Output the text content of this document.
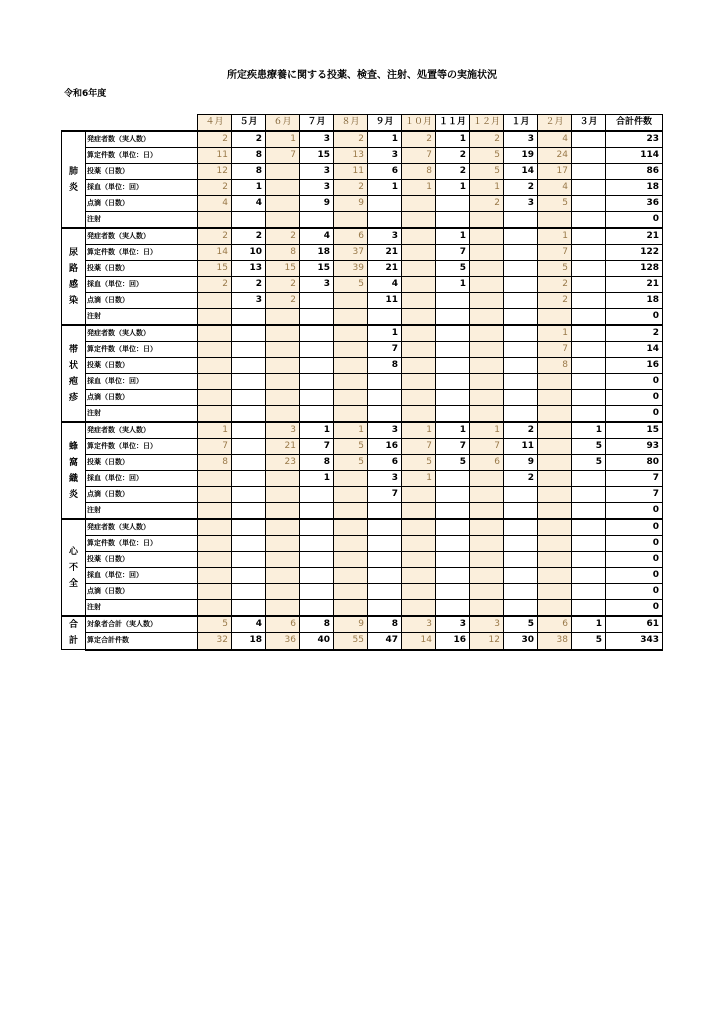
所定疾患療養に関する投薬、検査、注射、処置等の実施状況
令和6年度
		４月	５月	６月	７月	８月	９月	１０月	１１月	１２月	１月	２月	３月	合計件数

肺
炎	発症者数（実人数）	2	2	1	3	2	1	2	1	2	3	4		23
	算定件数（単位：日）	11	8	7	15	13	3	7	2	5	19	24		114
	投薬（日数）	12	8		3	11	6	8	2	5	14	17		86
	採血（単位：回）	2	1		3	2	1	1	1	1	2	4		18
	点滴（日数）	4	4		9	9				2	3	5		36
	注射													0

尿
路
感
染	発症者数（実人数）	2	2	2	4	6	3		1			1		21
	算定件数（単位：日）	14	10	8	18	37	21		7			7		122
	投薬（日数）	15	13	15	15	39	21		5			5		128
	採血（単位：回）	2	2	2	3	5	4		1			2		21
	点滴（日数）		3	2			11					2		18
	注射													0

帯
状
疱
疹	発症者数（実人数）						1					1		2
	算定件数（単位：日）						7					7		14
	投薬（日数）						8					8		16
	採血（単位：回）													0
	点滴（日数）													0
	注射													0

蜂
窩
織
炎	発症者数（実人数）	1		3	1	1	3	1	1	1	2		1	15
	算定件数（単位：日）	7		21	7	5	16	7	7	7	11		5	93
	投薬（日数）	8		23	8	5	6	5	5	6	9		5	80
	採血（単位：回）				1		3	1			2			7
	点滴（日数）						7							7
	注射													0

心
不
全	発症者数（実人数）													0
	算定件数（単位：日）													0
	投薬（日数）													0
	採血（単位：回）													0
	点滴（日数）													0
	注射													0

合
計	対象者合計（実人数）	5	4	6	8	9	8	3	3	3	5	6	1	61
	算定合計件数	32	18	36	40	55	47	14	16	12	30	38	5	343
